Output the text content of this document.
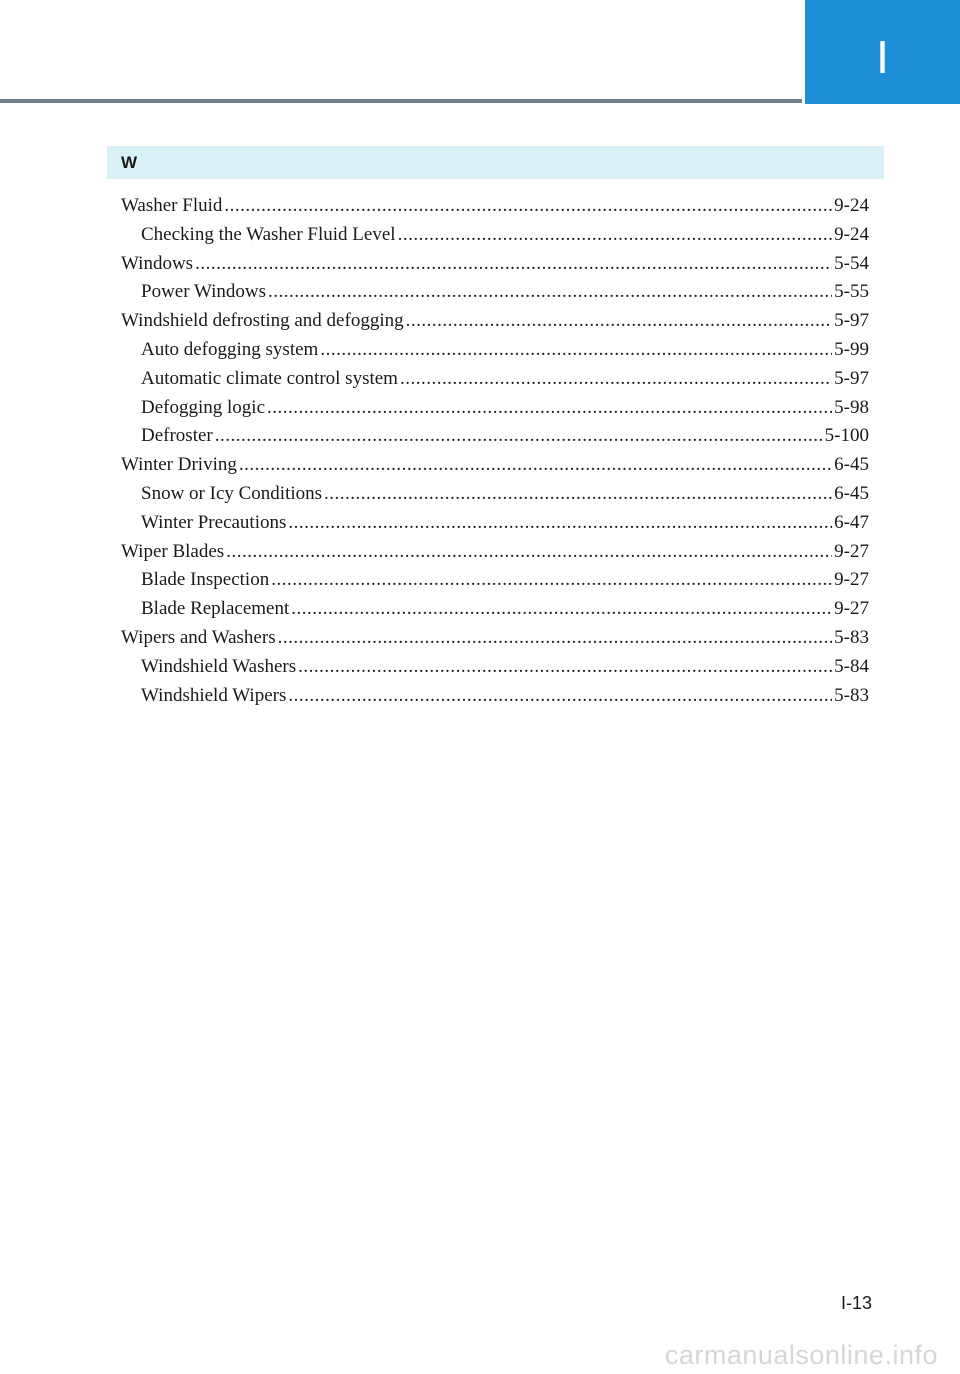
I
W
Washer Fluid .....	9-24
Checking the Washer Fluid Level .....	9-24
Windows .....	5-54
Power Windows .....	5-55
Windshield defrosting and defogging .....	5-97
Auto defogging system .....	5-99
Automatic climate control system .....	5-97
Defogging logic .....	5-98
Defroster .....	5-100
Winter Driving .....	6-45
Snow or Icy Conditions .....	6-45
Winter Precautions .....	6-47
Wiper Blades .....	9-27
Blade Inspection .....	9-27
Blade Replacement .....	9-27
Wipers and Washers .....	5-83
Windshield Washers .....	5-84
Windshield Wipers .....	5-83
I-13
carmanualsonline.info
